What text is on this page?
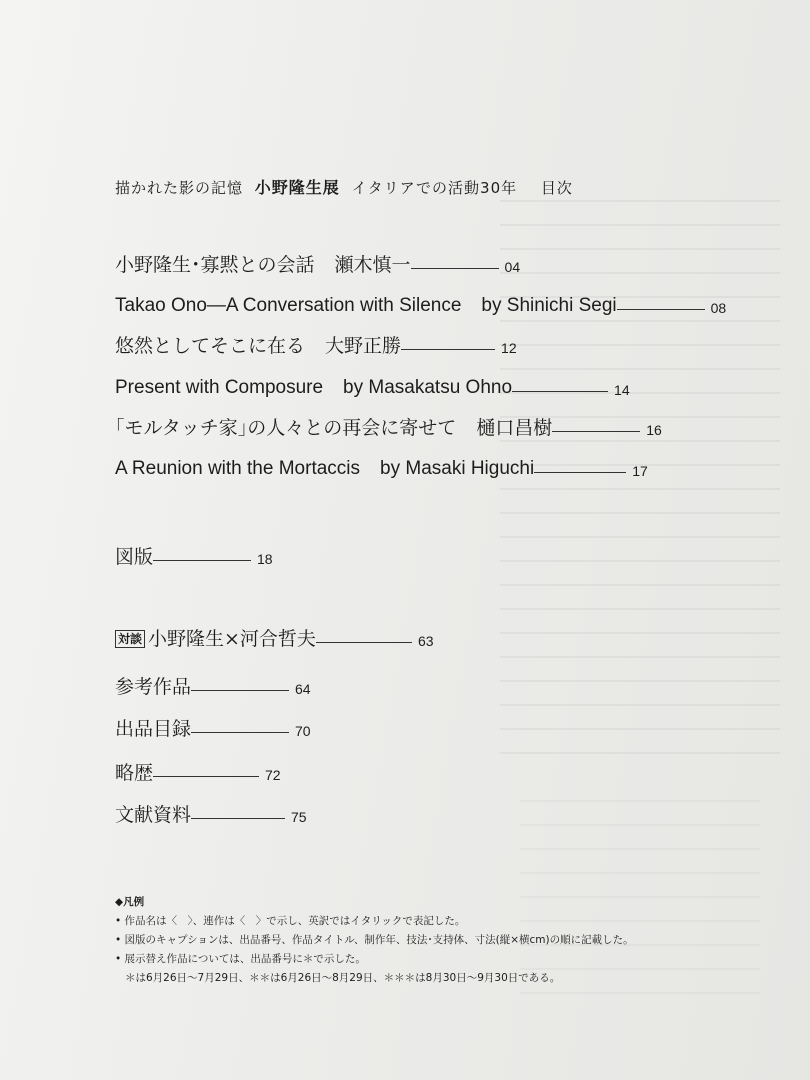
描かれた影の記憶 小野隆生展 イタリアでの活動30年 目次
小野隆生･寡黙との会話 瀬木慎一	04
Takao Ono—A Conversation with Silence by Shinichi Segi	08
悠然としてそこに在る 大野正勝	12
Present with Composure by Masakatsu Ohno	14
｢モルタッチ家｣の人々との再会に寄せて 樋口昌樹	16
A Reunion with the Mortaccis by Masaki Higuchi	17
図版	18
対談 小野隆生×河合哲夫	63
参考作品	64
出品目録	70
略歴	72
文献資料	75
◆凡例
• 作品名は〈　〉、連作は〈　〉で示し、英訳ではイタリックで表記した。
• 図版のキャプションは、出品番号、作品タイトル、制作年、技法･支持体、寸法(縦×横cm)の順に記載した。
• 展示替え作品については、出品番号に＊で示した。
＊は6月26日〜7月29日、＊＊は6月26日〜8月29日、＊＊＊は8月30日〜9月30日である。
